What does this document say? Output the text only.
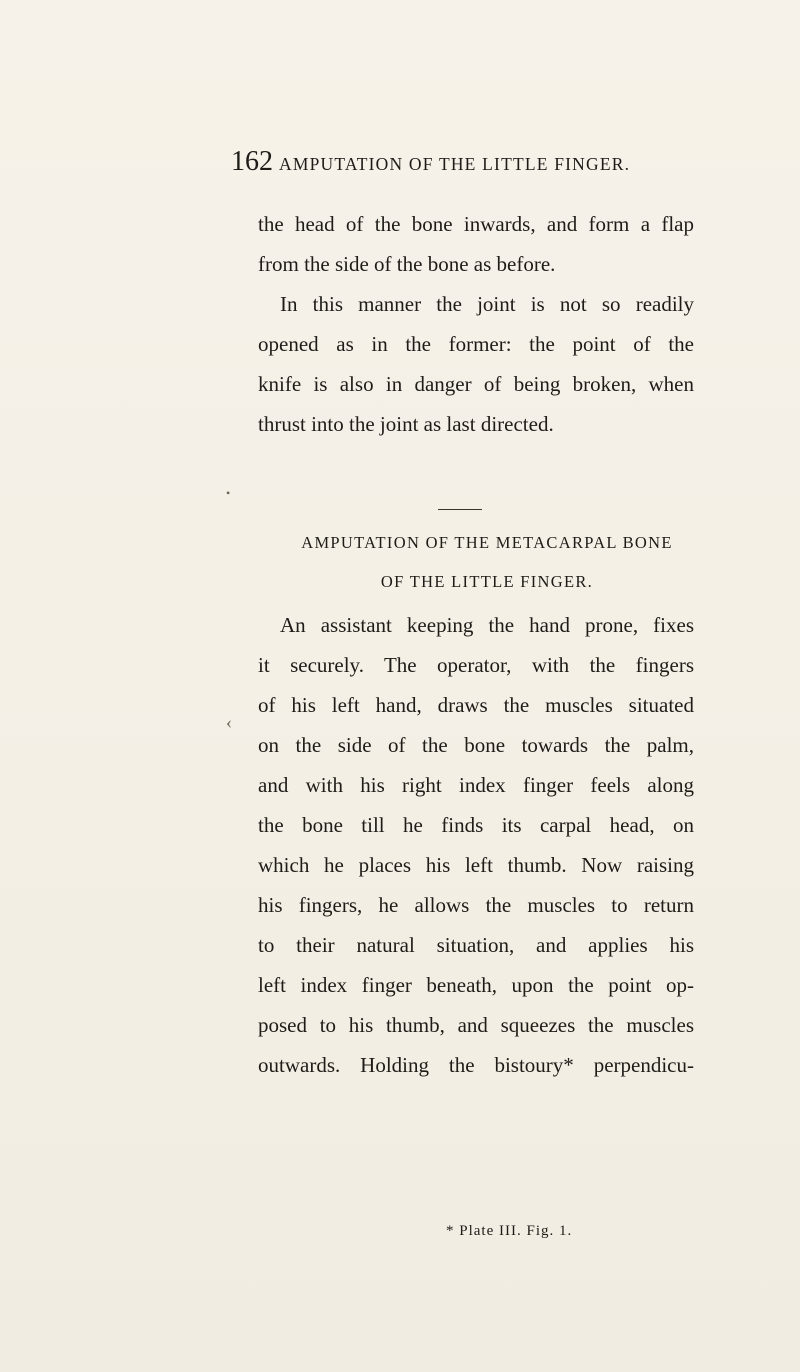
162 AMPUTATION OF THE LITTLE FINGER.
the head of the bone inwards, and form a flap
from the side of the bone as before.
In this manner the joint is not so readily
opened as in the former: the point of the
knife is also in danger of being broken, when
thrust into the joint as last directed.
AMPUTATION OF THE METACARPAL BONE
OF THE LITTLE FINGER.
An assistant keeping the hand prone, fixes
it securely. The operator, with the fingers
of his left hand, draws the muscles situated
on the side of the bone towards the palm,
and with his right index finger feels along
the bone till he finds its carpal head, on
which he places his left thumb. Now raising
his fingers, he allows the muscles to return
to their natural situation, and applies his
left index finger beneath, upon the point op-
posed to his thumb, and squeezes the muscles
outwards. Holding the bistoury* perpendicu-
* Plate III. Fig. 1.
‹
•
